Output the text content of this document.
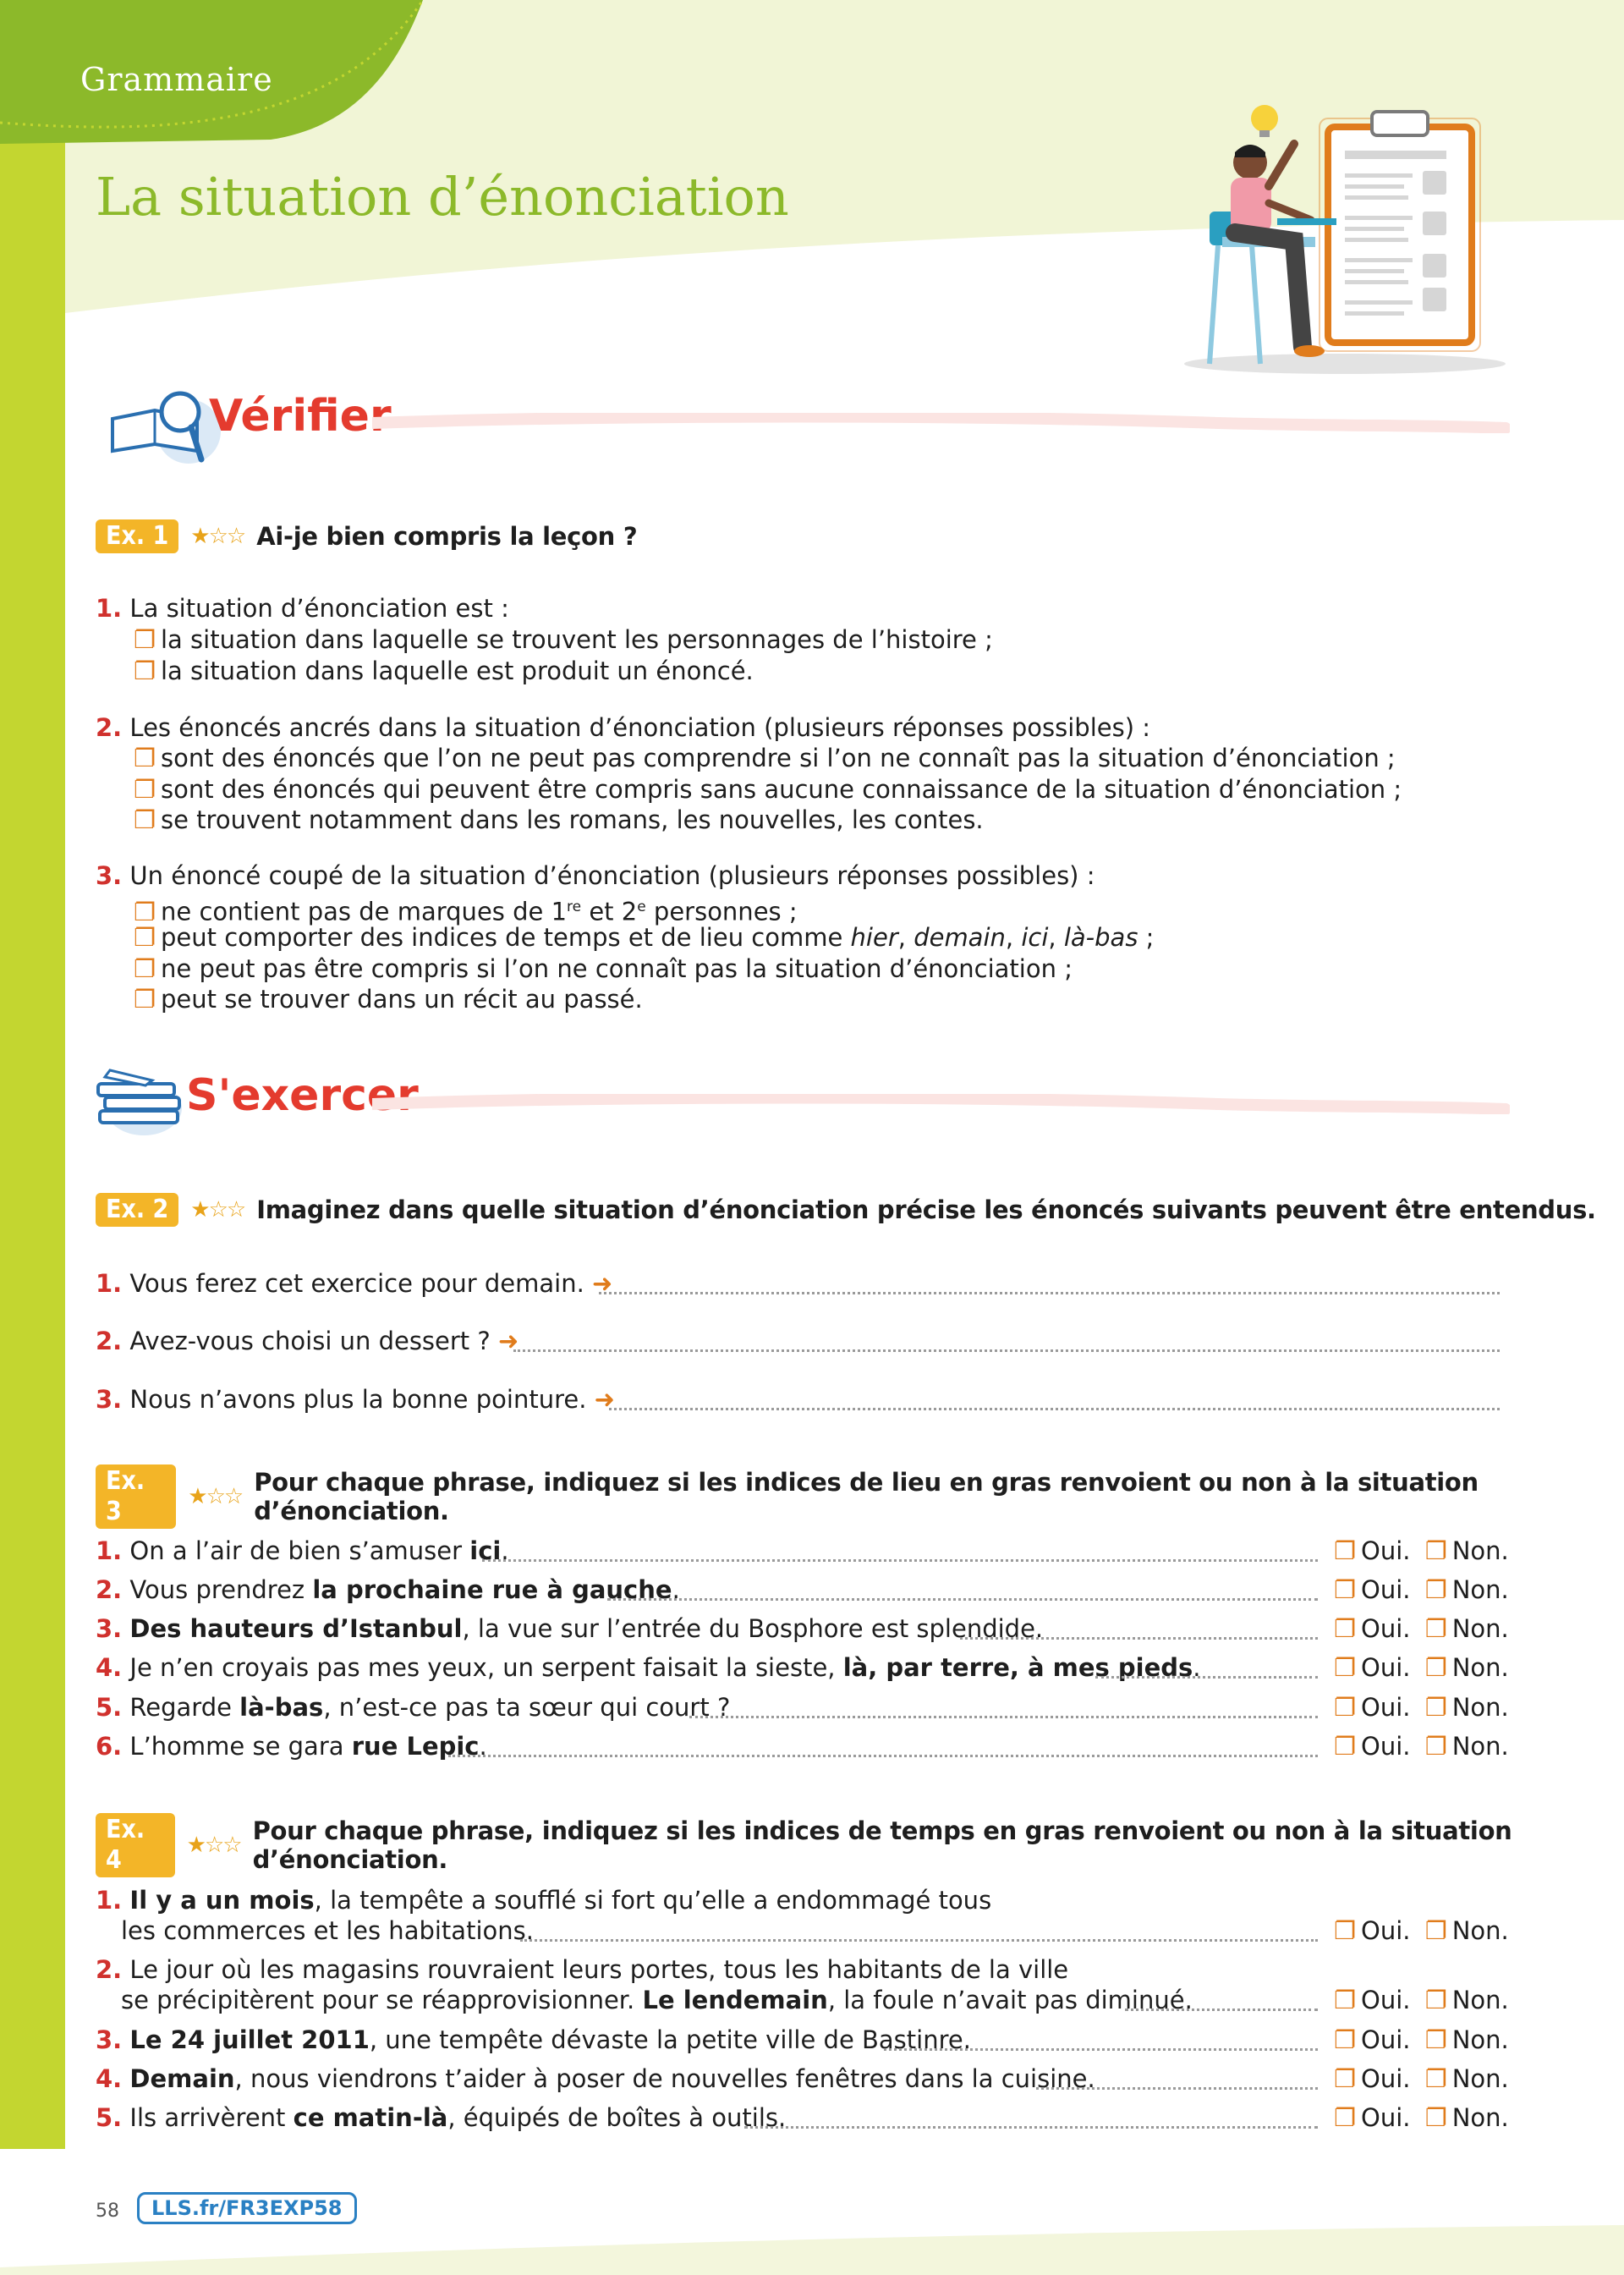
Grammaire
La situation d’énonciation
Vérifier
Ex. 1	★☆☆ Ai-je bien compris la leçon ?
1. La situation d’énonciation est :
❐ la situation dans laquelle se trouvent les personnages de l’histoire ;
❐ la situation dans laquelle est produit un énoncé.
2. Les énoncés ancrés dans la situation d’énonciation (plusieurs réponses possibles) :
❐ sont des énoncés que l’on ne peut pas comprendre si l’on ne connaît pas la situation d’énonciation ;
❐ sont des énoncés qui peuvent être compris sans aucune connaissance de la situation d’énonciation ;
❐ se trouvent notamment dans les romans, les nouvelles, les contes.
3. Un énoncé coupé de la situation d’énonciation (plusieurs réponses possibles) :
❐ ne contient pas de marques de 1re et 2e personnes ;
❐ peut comporter des indices de temps et de lieu comme hier, demain, ici, là-bas ;
❐ ne peut pas être compris si l’on ne connaît pas la situation d’énonciation ;
❐ peut se trouver dans un récit au passé.
S'exercer
Ex. 2	★☆☆ Imaginez dans quelle situation d’énonciation précise les énoncés suivants peuvent être entendus.
1. Vous ferez cet exercice pour demain. ➜
2. Avez-vous choisi un dessert ? ➜
3. Nous n’avons plus la bonne pointure. ➜
Ex. 3	★☆☆ Pour chaque phrase, indiquez si les indices de lieu en gras renvoient ou non à la situation d’énonciation.
1. On a l’air de bien s’amuser ici.	❐ Oui. ❐ Non.
2. Vous prendrez la prochaine rue à gauche.	❐ Oui. ❐ Non.
3. Des hauteurs d’Istanbul, la vue sur l’entrée du Bosphore est splendide.	❐ Oui. ❐ Non.
4. Je n’en croyais pas mes yeux, un serpent faisait la sieste, là, par terre, à mes pieds.	❐ Oui. ❐ Non.
5. Regarde là-bas, n’est-ce pas ta sœur qui court ?	❐ Oui. ❐ Non.
6. L’homme se gara rue Lepic.	❐ Oui. ❐ Non.
Ex. 4	★☆☆ Pour chaque phrase, indiquez si les indices de temps en gras renvoient ou non à la situation d’énonciation.
1. Il y a un mois, la tempête a soufflé si fort qu’elle a endommagé tous
les commerces et les habitations.	❐ Oui. ❐ Non.
2. Le jour où les magasins rouvraient leurs portes, tous les habitants de la ville
se précipitèrent pour se réapprovisionner. Le lendemain, la foule n’avait pas diminué.	❐ Oui. ❐ Non.
3. Le 24 juillet 2011, une tempête dévaste la petite ville de Bastinre.	❐ Oui. ❐ Non.
4. Demain, nous viendrons t’aider à poser de nouvelles fenêtres dans la cuisine.	❐ Oui. ❐ Non.
5. Ils arrivèrent ce matin-là, équipés de boîtes à outils.	❐ Oui. ❐ Non.
58	LLS.fr/FR3EXP58
